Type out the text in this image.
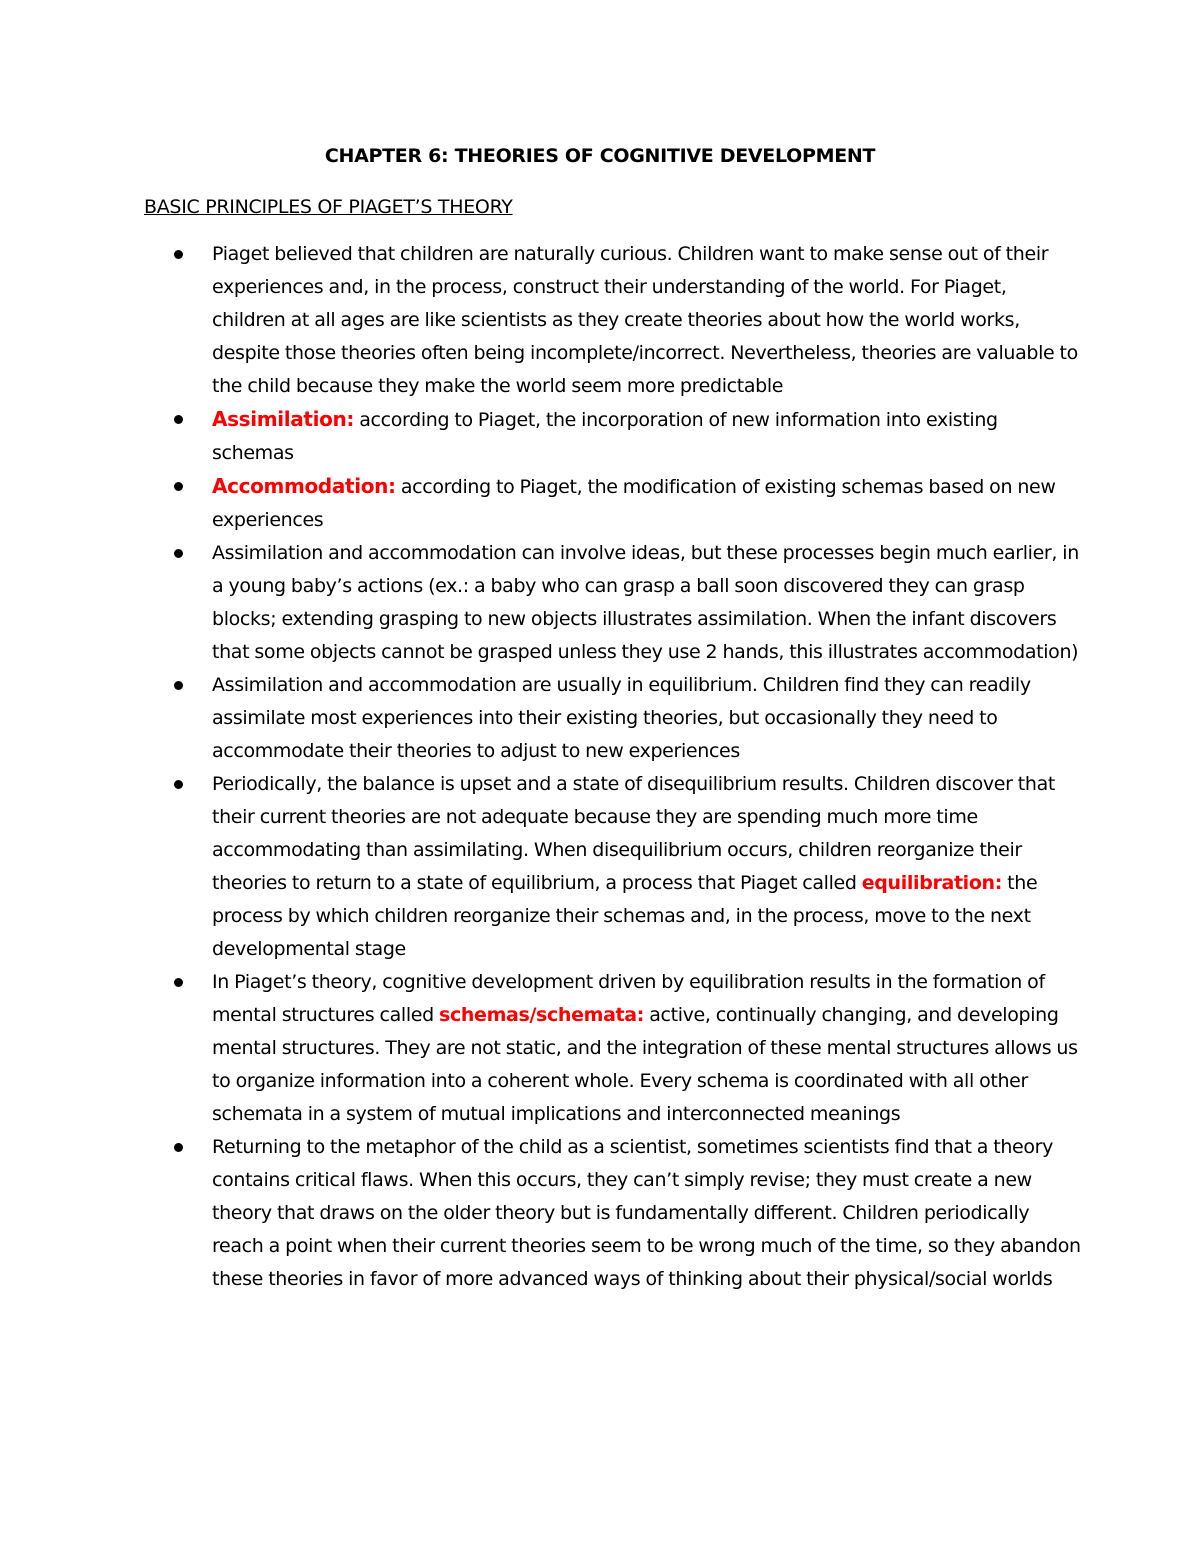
CHAPTER 6: THEORIES OF COGNITIVE DEVELOPMENT
BASIC PRINCIPLES OF PIAGET’S THEORY
Piaget believed that children are naturally curious. Children want to make sense out of their experiences and, in the process, construct their understanding of the world. For Piaget, children at all ages are like scientists as they create theories about how the world works, despite those theories often being incomplete/incorrect. Nevertheless, theories are valuable to the child because they make the world seem more predictable
Assimilation: according to Piaget, the incorporation of new information into existing schemas
Accommodation: according to Piaget, the modification of existing schemas based on new experiences
Assimilation and accommodation can involve ideas, but these processes begin much earlier, in a young baby’s actions (ex.: a baby who can grasp a ball soon discovered they can grasp blocks; extending grasping to new objects illustrates assimilation. When the infant discovers that some objects cannot be grasped unless they use 2 hands, this illustrates accommodation)
Assimilation and accommodation are usually in equilibrium. Children find they can readily assimilate most experiences into their existing theories, but occasionally they need to accommodate their theories to adjust to new experiences
Periodically, the balance is upset and a state of disequilibrium results. Children discover that their current theories are not adequate because they are spending much more time accommodating than assimilating. When disequilibrium occurs, children reorganize their theories to return to a state of equilibrium, a process that Piaget called equilibration: the process by which children reorganize their schemas and, in the process, move to the next developmental stage
In Piaget’s theory, cognitive development driven by equilibration results in the formation of mental structures called schemas/schemata: active, continually changing, and developing mental structures. They are not static, and the integration of these mental structures allows us to organize information into a coherent whole. Every schema is coordinated with all other schemata in a system of mutual implications and interconnected meanings
Returning to the metaphor of the child as a scientist, sometimes scientists find that a theory contains critical flaws. When this occurs, they can’t simply revise; they must create a new theory that draws on the older theory but is fundamentally different. Children periodically reach a point when their current theories seem to be wrong much of the time, so they abandon these theories in favor of more advanced ways of thinking about their physical/social worlds
